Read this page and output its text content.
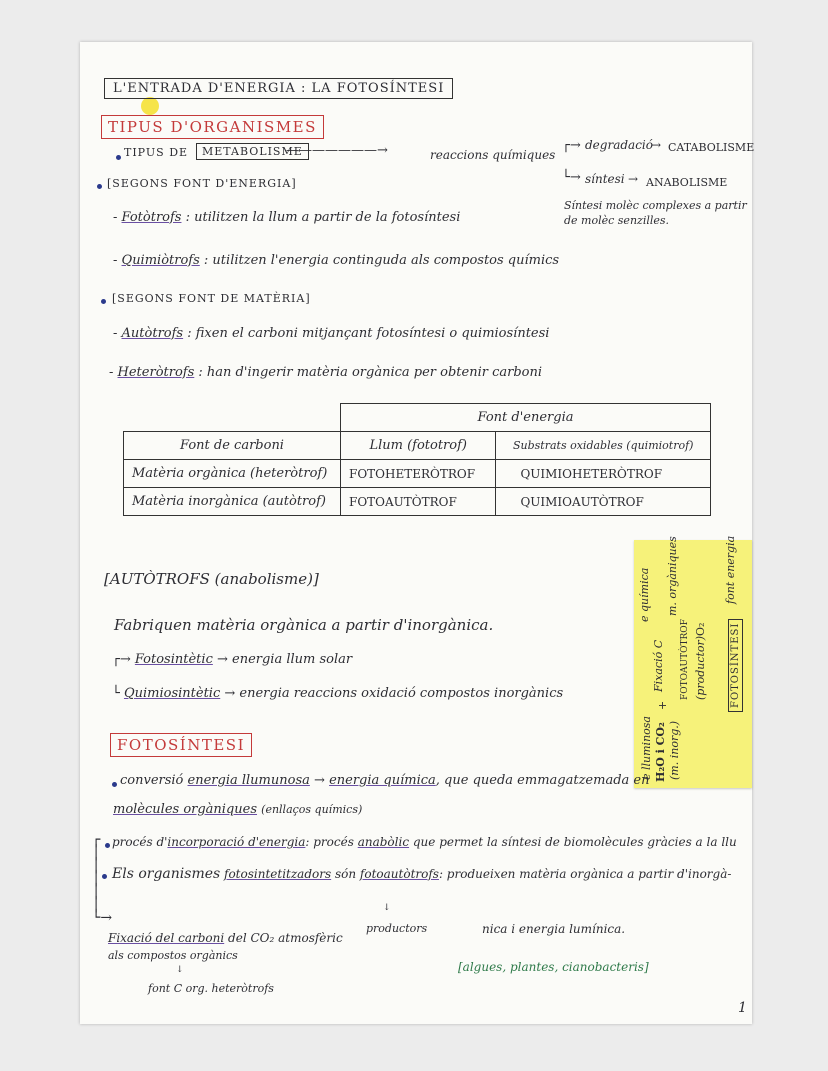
L'ENTRADA D'ENERGIA : LA FOTOSÍNTESI
TIPUS D'ORGANISMES
TIPUS DE	METABOLISME
———————→	reaccions químiques
┌→ degradació
→ CATABOLISME
└→ síntesi → ANABOLISME
Síntesi molèc complexes a partir de molèc senzilles.
[SEGONS FONT D'ENERGIA]
- Fotòtrofs : utilitzen la llum a partir de la fotosíntesi
- Quimiòtrofs : utilitzen l'energia continguda als compostos químics
[SEGONS FONT DE MATÈRIA]
- Autòtrofs : fixen el carboni mitjançant fotosíntesi o quimiosíntesi
- Heteròtrofs : han d'ingerir matèria orgànica per obtenir carboni
	Font d'energia	
Font de carboni	Llum (fototrof)	Substrats oxidables (quimiotrof)
Matèria orgànica (heteròtrof)	FOTOHETERÒTROF	QUIMIOHETERÒTROF
Matèria inorgànica (autòtrof)	FOTOAUTÒTROF	QUIMIOAUTÒTROF
[AUTÒTROFS (anabolisme)]
Fabriquen matèria orgànica a partir d'inorgànica.
┌→ Fotosintètic → energia llum solar
└ Quimiosintètic → energia reaccions oxidació compostos inorgànics
e lluminosa
+
H₂O i CO₂ (m. inorg.)
Fixació C FOTOAUTÒTROF (productor)
e química m. orgàniques
O₂
font energia
FOTOSÍNTESI
FOTOSÍNTESI
conversió energia llumunosa → energia química, que queda emmagatzemada en
molècules orgàniques (enllaços químics)
┌
│
│
│
│
│
└→
procés d'incorporació d'energia: procés anabòlic que permet la síntesi de biomolècules gràcies a la llu
Els organismes fotosintetitzadors són fotoautòtrofs: produeixen matèria orgànica a partir d'inorgà-
nica i energia lumínica.
↓
productors
Fixació del carboni del CO₂ atmosfèric
als compostos orgànics
↓
font C org. heteròtrofs
[algues, plantes, cianobacteris]
1
